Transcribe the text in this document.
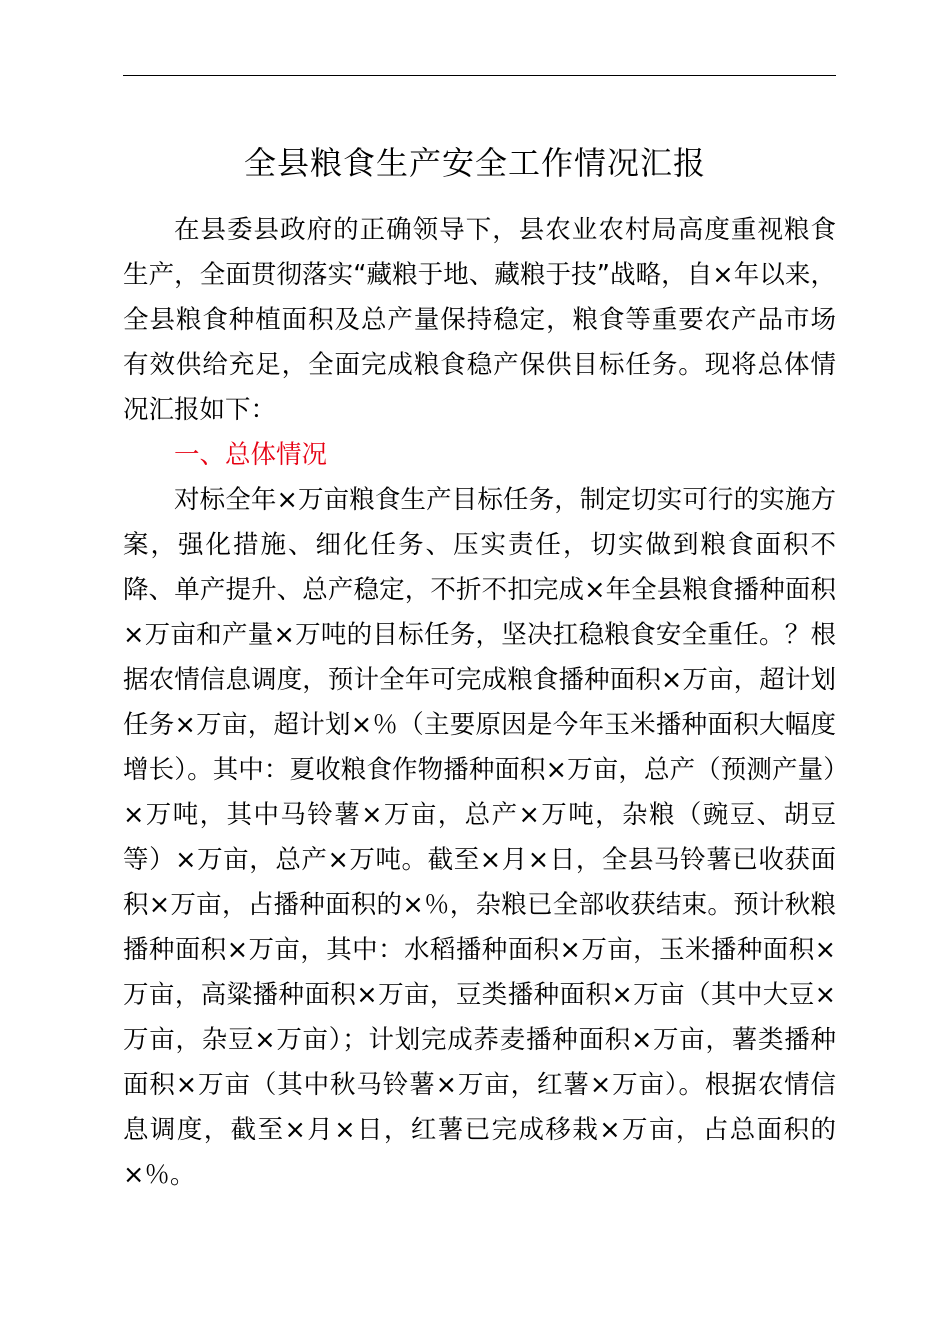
全县粮食生产安全工作情况汇报

在县委县政府的正确领导下，县农业农村局高度重视粮食生产，全面贯彻落实“藏粮于地、藏粮于技”战略，自×年以来，全县粮食种植面积及总产量保持稳定，粮食等重要农产品市场有效供给充足，全面完成粮食稳产保供目标任务。现将总体情况汇报如下：

一、总体情况

对标全年×万亩粮食生产目标任务，制定切实可行的实施方案，强化措施、细化任务、压实责任，切实做到粮食面积不降、单产提升、总产稳定，不折不扣完成×年全县粮食播种面积×万亩和产量×万吨的目标任务，坚决扛稳粮食安全重任。？根据农情信息调度，预计全年可完成粮食播种面积×万亩，超计划任务×万亩，超计划×％（主要原因是今年玉米播种面积大幅度增长）。其中：夏收粮食作物播种面积×万亩，总产（预测产量）×万吨，其中马铃薯×万亩，总产×万吨，杂粮（豌豆、胡豆等）×万亩，总产×万吨。截至×月×日，全县马铃薯已收获面积×万亩，占播种面积的×％，杂粮已全部收获结束。预计秋粮播种面积×万亩，其中：水稻播种面积×万亩，玉米播种面积×万亩，高粱播种面积×万亩，豆类播种面积×万亩（其中大豆×万亩，杂豆×万亩）；计划完成荞麦播种面积×万亩，薯类播种面积×万亩（其中秋马铃薯×万亩，红薯×万亩）。根据农情信息调度，截至×月×日，红薯已完成移栽×万亩，占总面积的×％。
